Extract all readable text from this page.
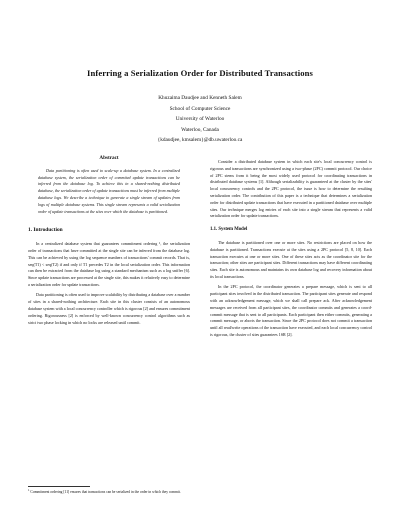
Inferring a Serialization Order for Distributed Transactions
Khuzaima Daudjee and Kenneth Salem
School of Computer Science
University of Waterloo
Waterloo, Canada
{kdaudjee, kmsalem}@db.uwaterloo.ca
Abstract

Data partitioning is often used to scale-up a database system. In a centralized database system, the serialization order of commited update transactions can be inferred from the database log. To achieve this in a shared-nothing distributed database, the serialization order of update transactions must be inferred from multiple database logs. We describe a technique to generate a single stream of updates from logs of multiple database systems. This single stream represents a valid serialization order of update transactions at the sites over which the database is partitioned.

1. Introduction

In a centralized database system that guarantees commitment ordering ¹, the serialization order of transactions that have committed at the single site can be inferred from the database log. This can be achieved by using the log sequence numbers of transactions' commit records. That is, seq(T1) < seq(T2) if and only if T1 precedes T2 in the local serialization order. This information can then be extracted from the database log using a standard mechanism such as a log sniffer [6]. Since update transactions are processed at the single site, this makes it relatively easy to determine a serialization order for update transactions.

Data partitioning is often used to improve scalability by distributing a database over a number of sites in a shared-nothing architecture. Each site in this cluster consists of an autonomous database system with a local concurrency controller which is rigorous [2] and ensures commitment ordering. Rigorousness [2] is enforced by well-known concurrency control algorithms such as strict two phase locking in which no locks are released until commit.

Consider a distributed database system in which each site's local concurrency control is rigorous and transactions are synchronized using a two-phase (2PC) commit protocol. Our choice of 2PC stems from it being the most widely used protocol for coordinating transactions in distributed database systems [1]. Although serializability is guaranteed at the cluster by the sites' local concurrency controls and the 2PC protocol, the issue is how to determine the resulting serialization order. The contribution of this paper is a technique that determines a serialization order for distributed update transactions that have executed in a partitioned database over multiple sites. Our technique merges log entries of each site into a single stream that represents a valid serialization order for update transactions.

1.1. System Model

The database is partitioned over one or more sites. No restrictions are placed on how the database is partitioned. Transactions execute at the sites using a 2PC protocol [5, 8, 10]. Each transaction executes at one or more sites. One of these sites acts as the coordinator site for the transaction; other sites are participant sites. Different transactions may have different coordinating sites. Each site is autonomous and maintains its own database log and recovery information about its local transactions.

In the 2PC protocol, the coordinator generates a prepare message, which is sent to all participant sites involved in the distributed transaction. The participant sites generate and respond with an acknowledgement message, which we shall call prepare ack. After acknowledgement messages are received from all participant sites, the coordinator commits and generates a coord-commit message that is sent to all participants. Each participant then either commits, generating a commit message, or aborts the transaction. Since the 2PC protocol does not commit a transaction until all read/write operations of the transaction have executed, and each local concurrency control is rigorous, the cluster of sites guarantees 1SR [2].

$^1$ Commitment ordering [11] ensures that transactions can be serialized in the order in which they commit.
